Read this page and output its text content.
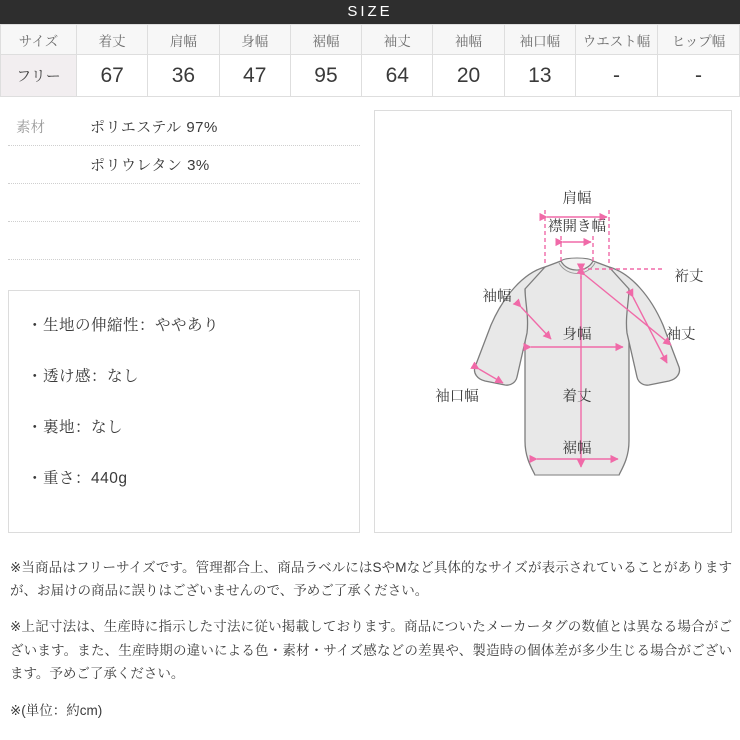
SIZE
サイズ	着丈	肩幅	身幅	裾幅	袖丈	袖幅	袖口幅	ウエスト幅	ヒップ幅
フリー	67	36	47	95	64	20	13	-	-
素材	ポリエステル 97%
ポリウレタン 3%
・生地の伸縮性：ややあり
・透け感：なし
・裏地：なし
・重さ：440g
肩幅
襟開き幅
裄丈
袖幅
身幅	袖丈
袖口幅	着丈
裾幅

※当商品はフリーサイズです。管理都合上、商品ラベルにはSやMなど具体的なサイズが表示されていることがありますが、お届けの商品に誤りはございませんので、予めご了承ください。

※上記寸法は、生産時に指示した寸法に従い掲載しております。商品についたメーカータグの数値とは異なる場合がございます。また、生産時期の違いによる色・素材・サイズ感などの差異や、製造時の個体差が多少生じる場合がございます。予めご了承ください。

※(単位：約cm)
